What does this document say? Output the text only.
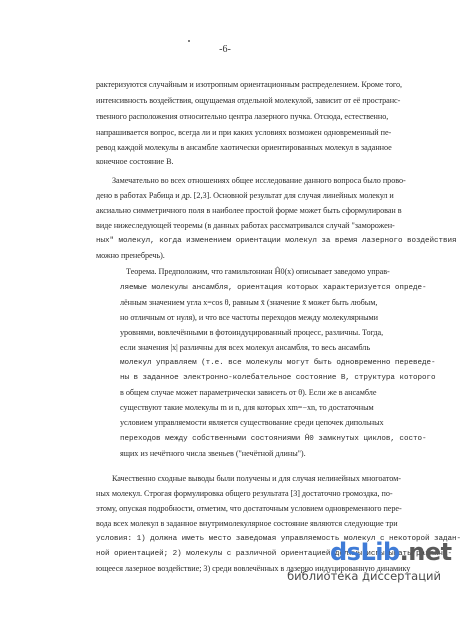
-6-
рактеризуются случайным и изотропным ориентационным распределением. Кроме того,
интенсивность воздействия, ощущаемая отдельной молекулой, зависит от её пространс-
твенного расположения относительно центра лазерного пучка. Отсюда, естественно,
напрашивается вопрос, всегда ли и при каких условиях возможен одновременный пе-
ревод каждой молекулы в ансамбле хаотически ориентированных молекул в заданное
конечное состояние B.
Замечательно во всех отношениях общее исследование данного вопроса было прово-
дено в работах Рабица и др. [2,3]. Основной результат для случая линейных молекул и
аксиально симметричного поля в наиболее простой форме может быть сформулирован в
виде нижеследующей теоремы (в данных работах рассматривался случай "заморожен-
ных" молекул, когда изменением ориентации молекул за время лазерного воздействия
можно пренебречь).
Теорема. Предположим, что гамильтониан Ĥ0(x) описывает заведомо управ-
ляемые молекулы ансамбля, ориентация которых характеризуется опреде-
лённым значением угла x=cos θ, равным x̄ (значение x̄ может быть любым,
но отличным от нуля), и что все частоты переходов между молекулярными
уровнями, вовлечёнными в фотоиндуцированный процесс, различны. Тогда,
если значения |x| различны для всех молекул ансамбля, то весь ансамбль
молекул управляем (т.е. все молекулы могут быть одновременно переведе-
ны в заданное электронно-колебательное состояние B, структура которого
в общем случае может параметрически зависеть от θ). Если же в ансамбле
существуют такие молекулы m и n, для которых xm=−xn, то достаточным
условием управляемости является существование среди цепочек дипольных
переходов между собственными состояниями Ĥ0 замкнутых циклов, состо-
ящих из нечётного числа звеньев ("нечётной длины").
Качественно сходные выводы были получены и для случая нелинейных многоатом-
ных молекул. Строгая формулировка общего результата [3] достаточно громоздка, по-
этому, опуская подробности, отметим, что достаточным условием одновременного пере-
вода всех молекул в заданное внутримолекулярное состояние являются следующие три
условия: 1) должна иметь место заведомая управляемость молекул с некоторой задан-
ной ориентацией; 2) молекулы с различной ориентацией должны испытывать различа-
ющееся лазерное воздействие; 3) среди вовлечённых в лазерно индуцированную динамику
dsLib.net
библиотека диссертаций
